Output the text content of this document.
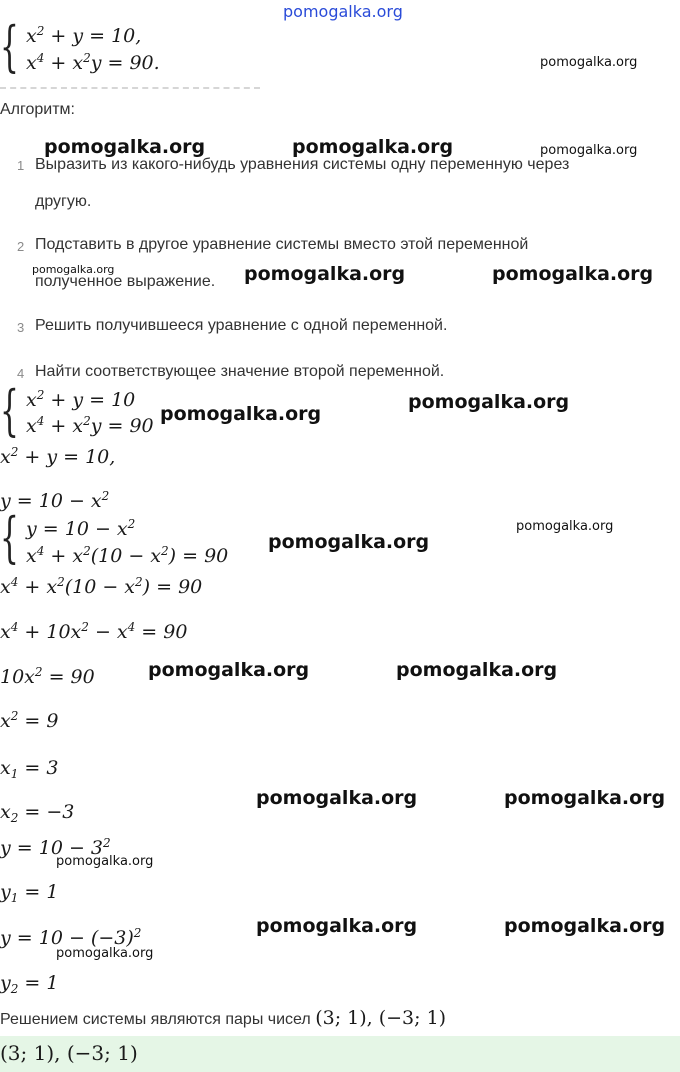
pomogalka.org
{ $x^2 + y = 10$,
$x^4 + x^2y = 90$.	pomogalka.org
Алгоритм:
pomogalka.org	pomogalka.org	pomogalka.org
1 Выразить из какого-нибудь уравнения системы одну переменную через
другую.
2 Подставить в другое уравнение системы вместо этой переменной
полученное выражение.
pomogalka.org	pomogalka.org	pomogalka.org
3 Решить получившееся уравнение с одной переменной.
4 Найти соответствующее значение второй переменной.
{ $x^2 + y = 10$
$x^4 + x^2y = 90$
pomogalka.org
pomogalka.org
$x^2 + y = 10$,
$y = 10 - x^2$
{ $y = 10 - x^2$
$x^4 + x^2(10 - x^2) = 90$
pomogalka.org
pomogalka.org
$x^4 + x^2(10 - x^2) = 90$
$x^4 + 10x^2 - x^4 = 90$
$10x^2 = 90$	pomogalka.org	pomogalka.org
$x^2 = 9$
$x_1 = 3$
$x_2 = -3$
pomogalka.org	pomogalka.org
$y = 10 - 3^2$
pomogalka.org
$y_1 = 1$
pomogalka.org	pomogalka.org
$y = 10 - (-3)^2$
pomogalka.org
$y_2 = 1$
Решением системы являются пары чисел (3; 1), (−3; 1)
(3; 1), (−3; 1)
